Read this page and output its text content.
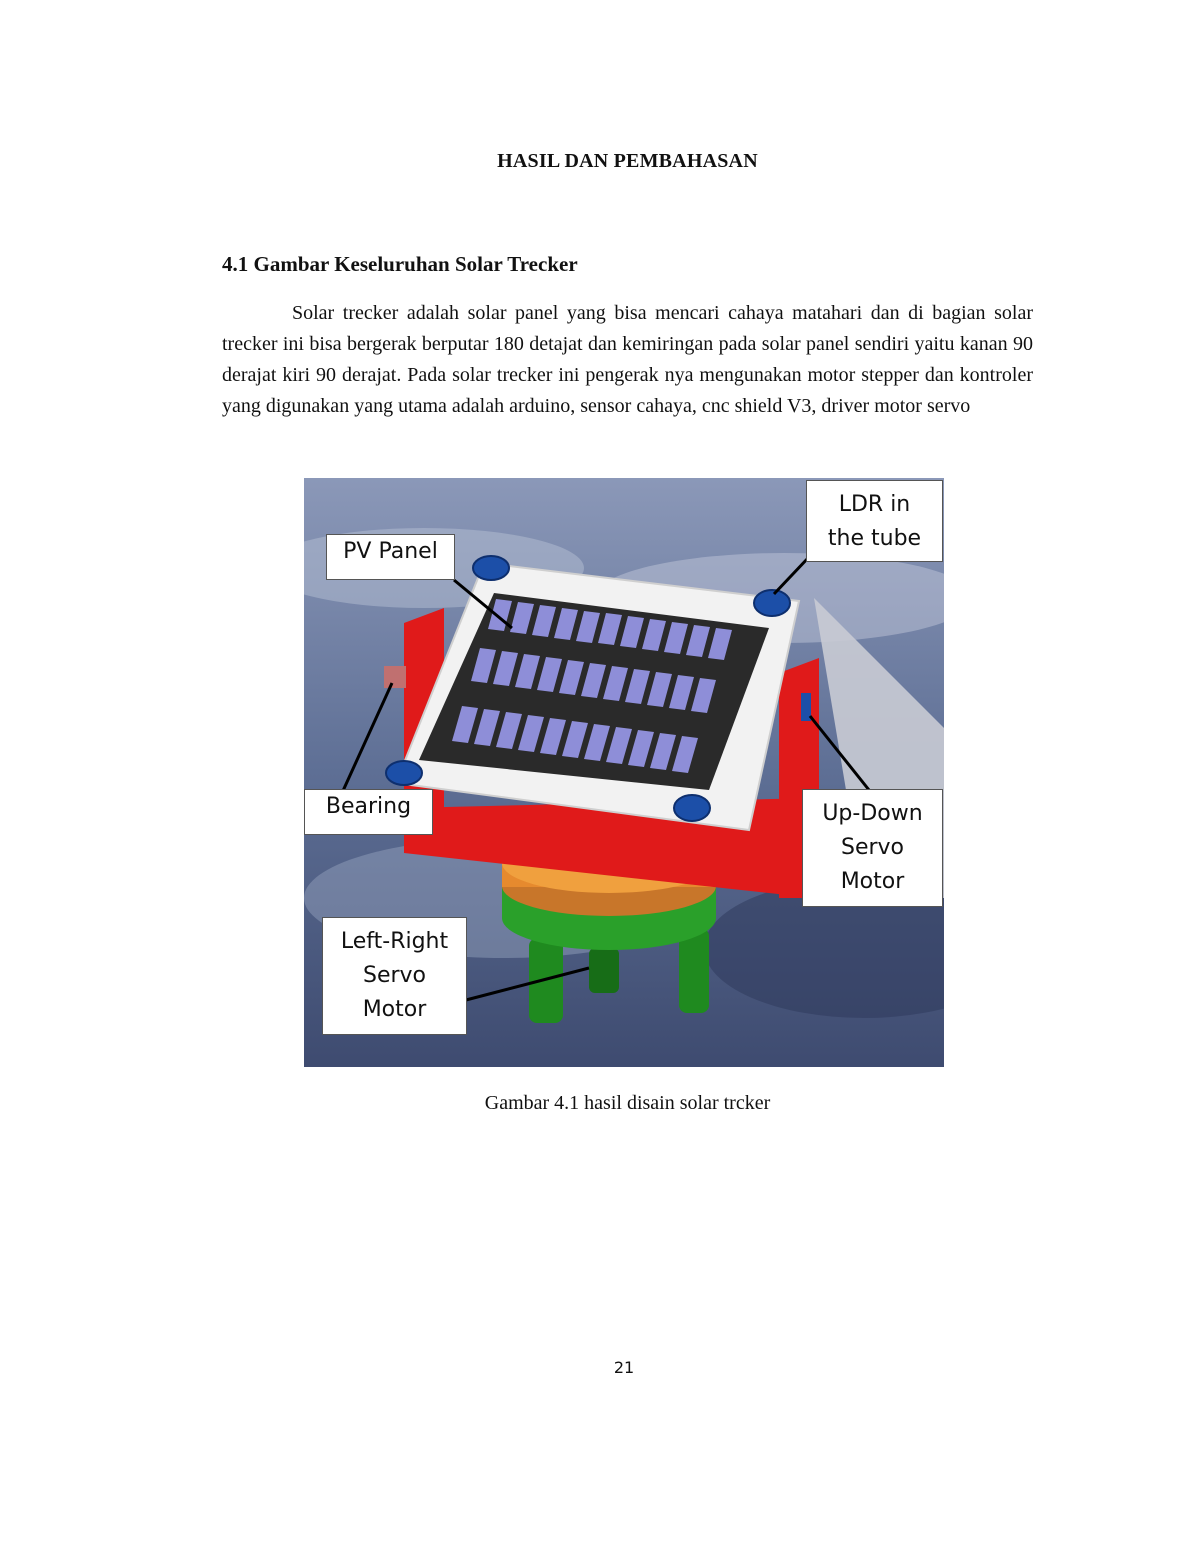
HASIL DAN PEMBAHASAN
4.1 Gambar Keseluruhan Solar Trecker

Solar trecker adalah solar panel yang bisa mencari cahaya matahari dan di bagian solar trecker ini bisa bergerak berputar 180 detajat dan kemiringan pada solar panel sendiri yaitu kanan 90 derajat kiri 90 derajat. Pada solar trecker ini pengerak nya mengunakan motor stepper dan kontroler yang digunakan yang utama adalah arduino, sensor cahaya, cnc shield V3, driver motor servo

PV Panel
LDR in
the tube
Bearing	Up-Down
Servo
Motor
Left-Right
Servo
Motor
Gambar 4.1 hasil disain solar trcker
21
